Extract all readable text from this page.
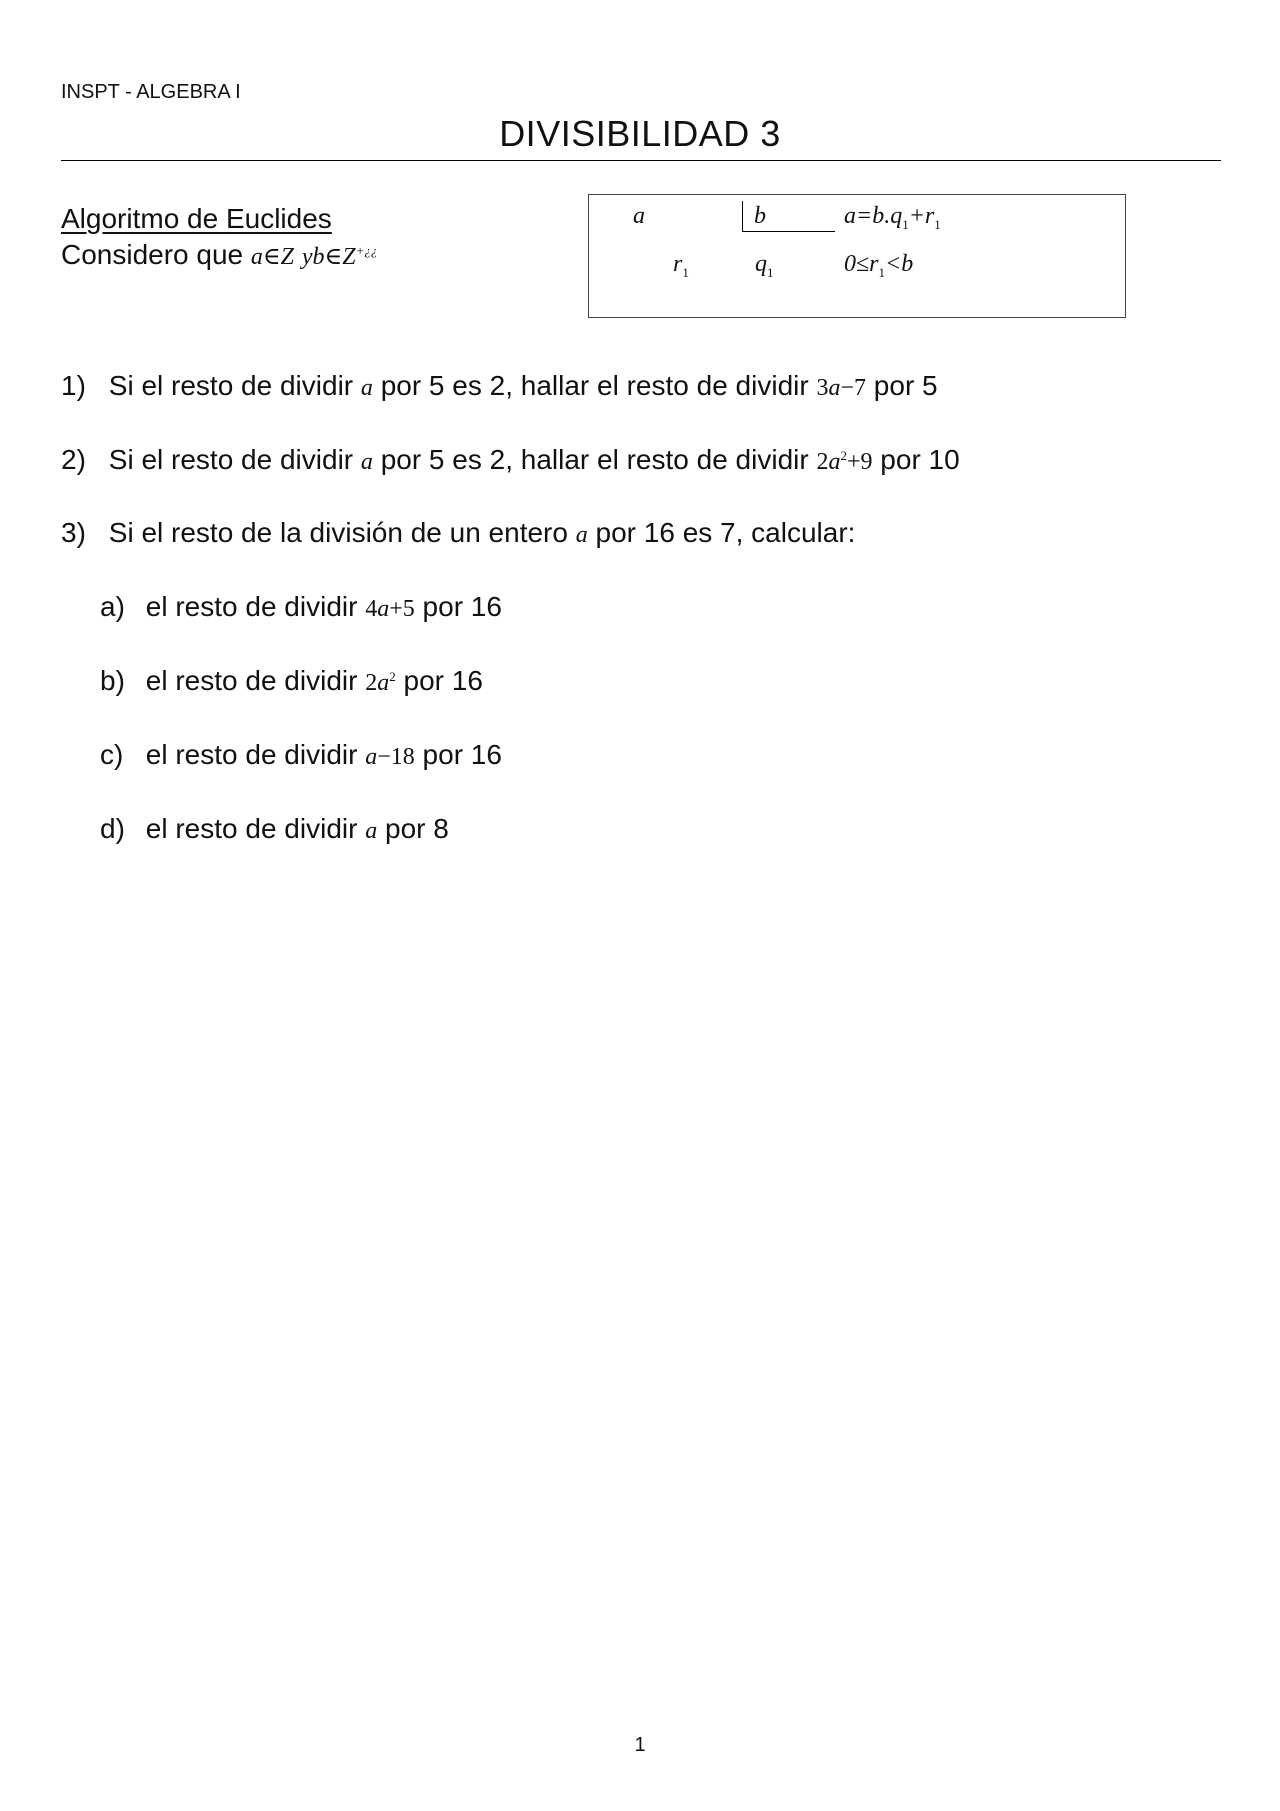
INSPT - ALGEBRA I
DIVISIBILIDAD 3
Algoritmo de Euclides
Considero que a∈Z yb∈Z+¿¿
a	b	$a=b.q_1+r_1$
$r_1$	$q_1$	$0\le r_1<b$
1) Si el resto de dividir a por 5 es 2, hallar el resto de dividir 3a−7 por 5
2) Si el resto de dividir a por 5 es 2, hallar el resto de dividir $2a^2+9$ por 10
3) Si el resto de la división de un entero a por 16 es 7, calcular:
a) el resto de dividir 4a+5 por 16
b) el resto de dividir $2a^2$ por 16
c) el resto de dividir a−18 por 16
d) el resto de dividir a por 8
1
